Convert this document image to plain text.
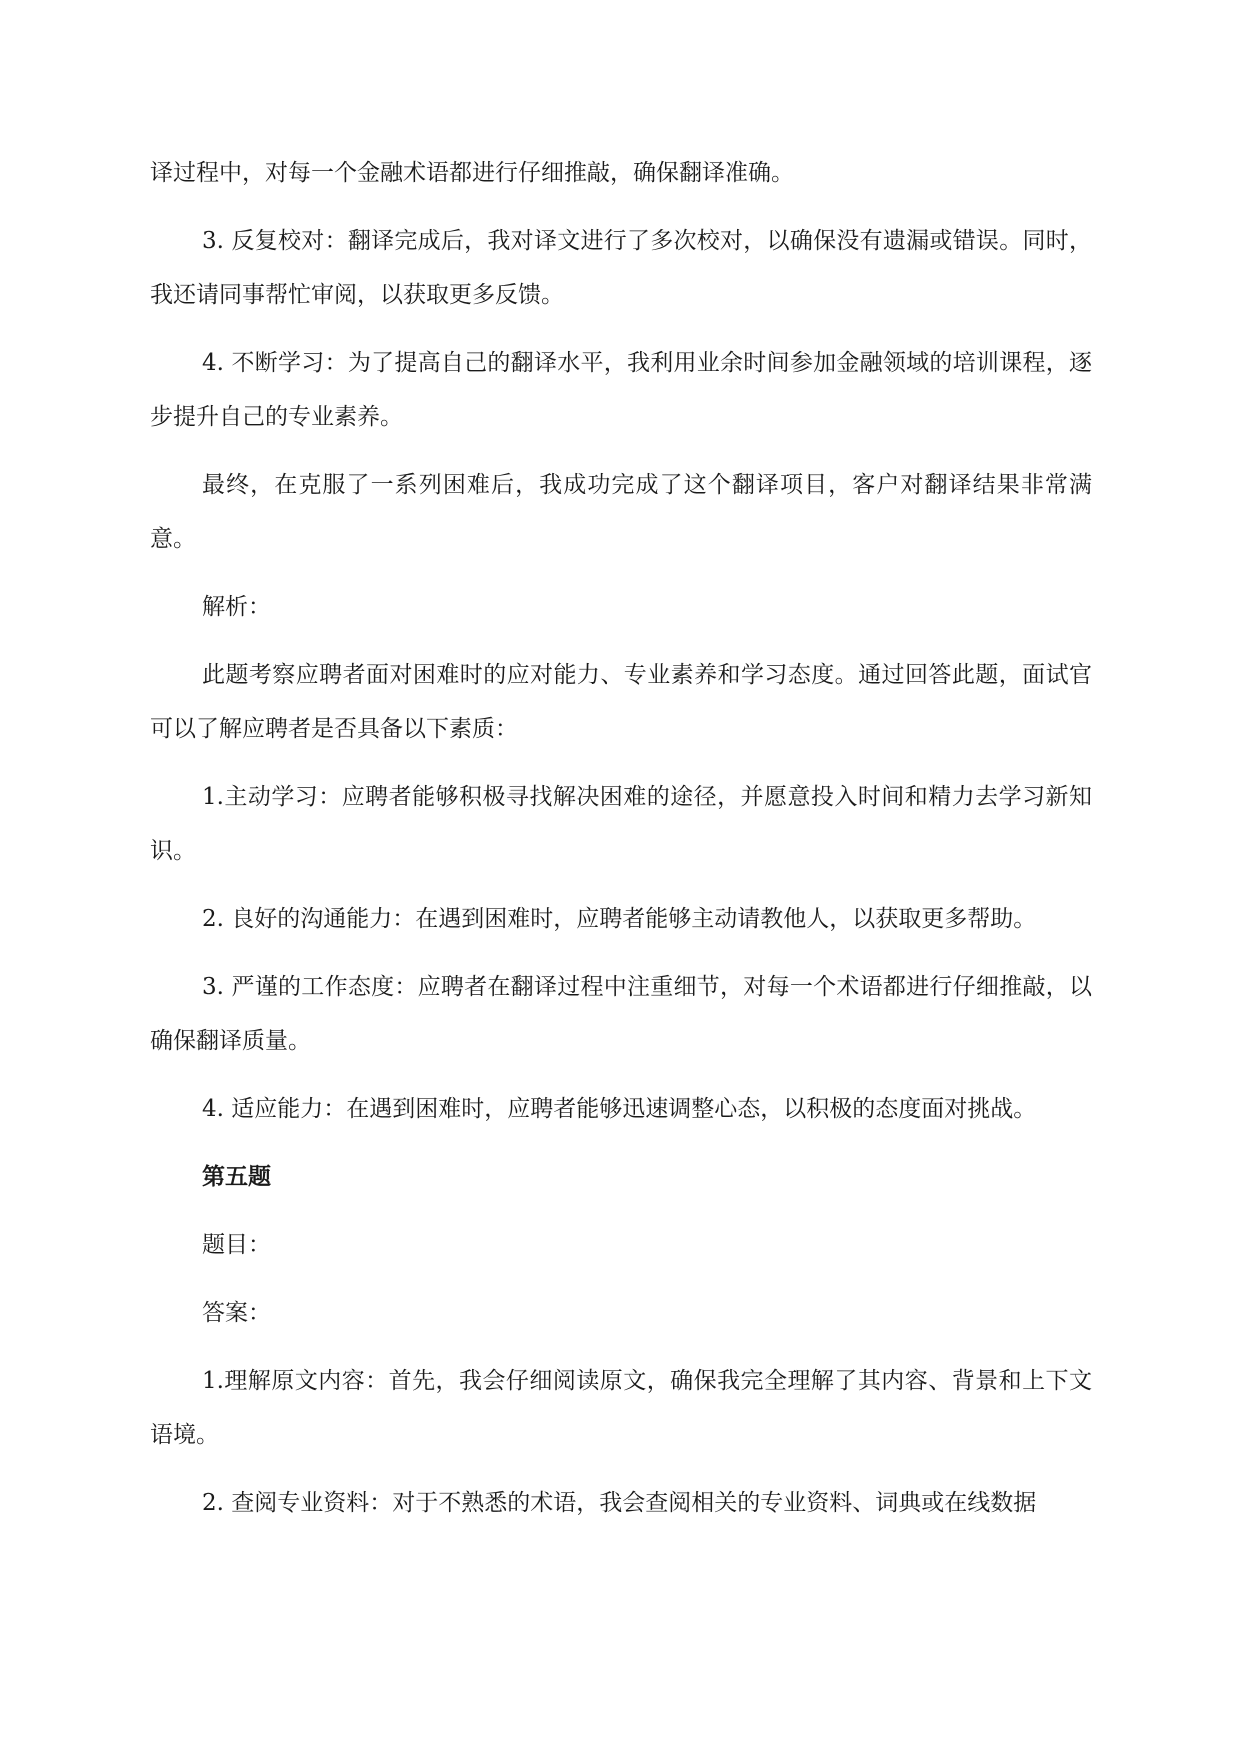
译过程中，对每一个金融术语都进行仔细推敲，确保翻译准确。

3. 反复校对：翻译完成后，我对译文进行了多次校对，以确保没有遗漏或错误。同时，我还请同事帮忙审阅，以获取更多反馈。

4. 不断学习：为了提高自己的翻译水平，我利用业余时间参加金融领域的培训课程，逐步提升自己的专业素养。

最终，在克服了一系列困难后，我成功完成了这个翻译项目，客户对翻译结果非常满意。

解析：

此题考察应聘者面对困难时的应对能力、专业素养和学习态度。通过回答此题，面试官可以了解应聘者是否具备以下素质：

1.主动学习：应聘者能够积极寻找解决困难的途径，并愿意投入时间和精力去学习新知识。

2. 良好的沟通能力：在遇到困难时，应聘者能够主动请教他人，以获取更多帮助。

3. 严谨的工作态度：应聘者在翻译过程中注重细节，对每一个术语都进行仔细推敲，以确保翻译质量。

4. 适应能力：在遇到困难时，应聘者能够迅速调整心态，以积极的态度面对挑战。

第五题

题目：

答案：

1.理解原文内容：首先，我会仔细阅读原文，确保我完全理解了其内容、背景和上下文语境。

2. 查阅专业资料：对于不熟悉的术语，我会查阅相关的专业资料、词典或在线数据
